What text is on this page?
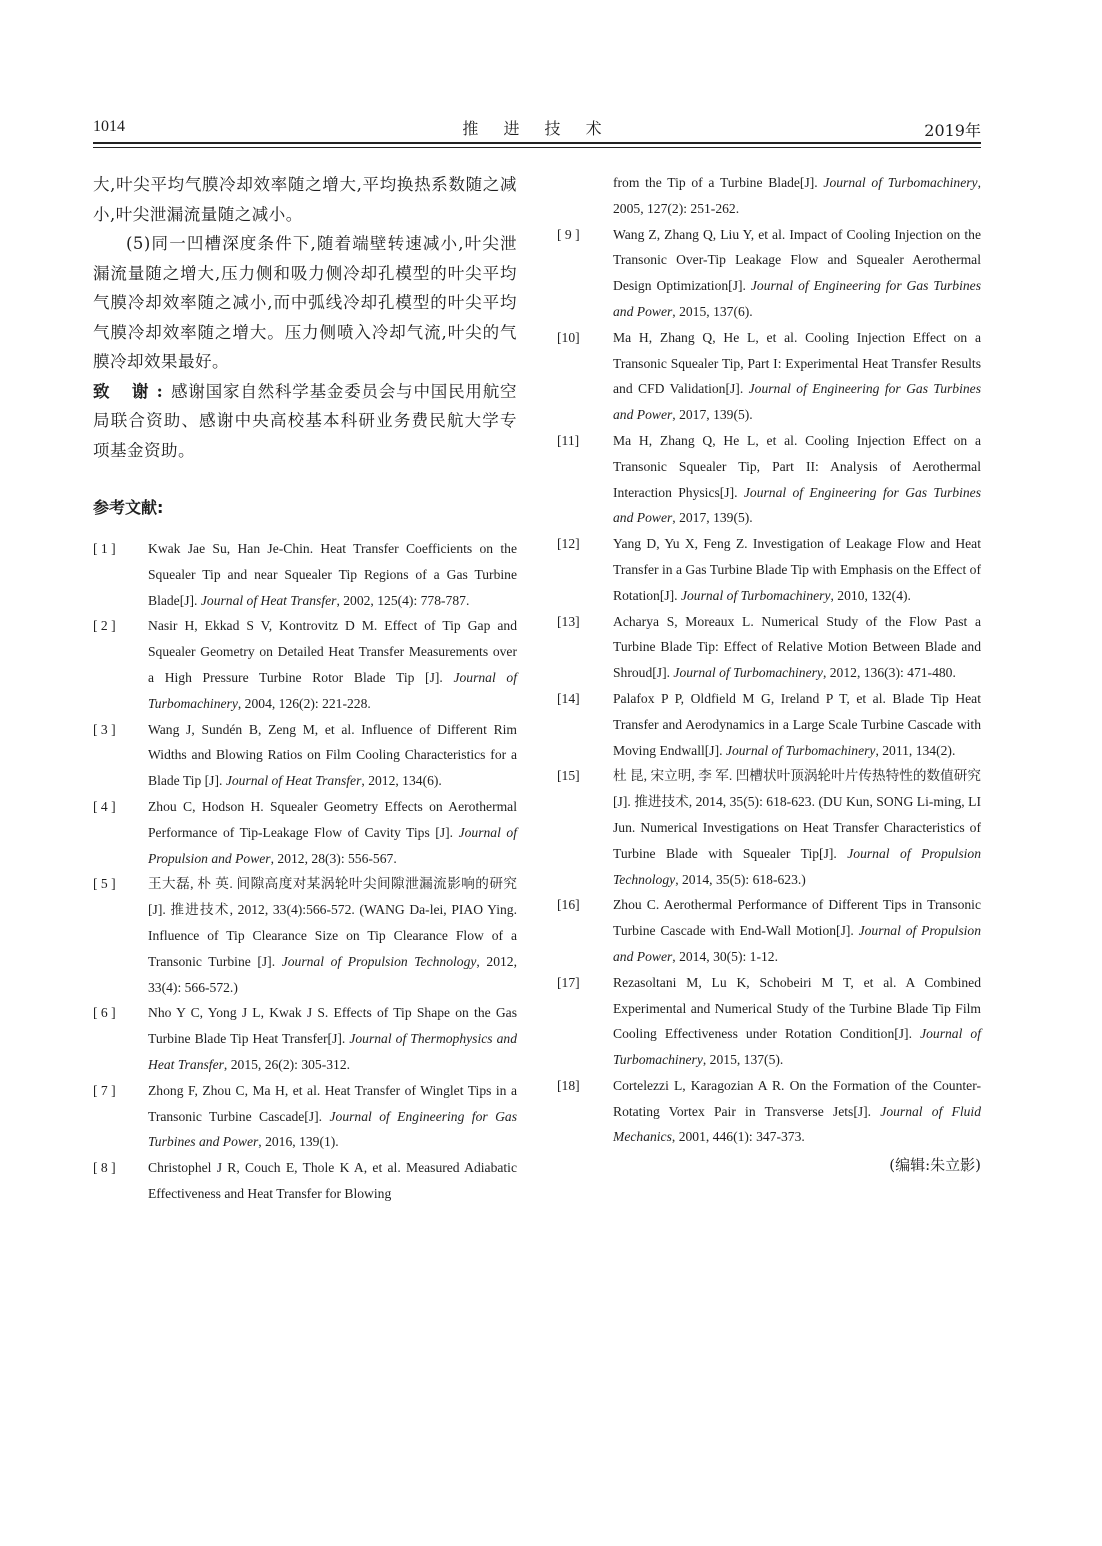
1014	推 进 技 术	2019年

大,叶尖平均气膜冷却效率随之增大,平均换热系数随之减小,叶尖泄漏流量随之减小。

(5)同一凹槽深度条件下,随着端壁转速减小,叶尖泄漏流量随之增大,压力侧和吸力侧冷却孔模型的叶尖平均气膜冷却效率随之减小,而中弧线冷却孔模型的叶尖平均气膜冷却效率随之增大。压力侧喷入冷却气流,叶尖的气膜冷却效果最好。

致 谢:感谢国家自然科学基金委员会与中国民用航空局联合资助、感谢中央高校基本科研业务费民航大学专项基金资助。

参考文献:

[ 1 ]	Kwak Jae Su, Han Je-Chin. Heat Transfer Coefficients on the Squealer Tip and near Squealer Tip Regions of a Gas Turbine Blade[J]. Journal of Heat Transfer, 2002, 125(4): 778-787.

[ 2 ]	Nasir H, Ekkad S V, Kontrovitz D M. Effect of Tip Gap and Squealer Geometry on Detailed Heat Transfer Measurements over a High Pressure Turbine Rotor Blade Tip [J]. Journal of Turbomachinery, 2004, 126(2): 221-228.

[ 3 ]	Wang J, Sundén B, Zeng M, et al. Influence of Different Rim Widths and Blowing Ratios on Film Cooling Characteristics for a Blade Tip [J]. Journal of Heat Transfer, 2012, 134(6).

[ 4 ]	Zhou C, Hodson H. Squealer Geometry Effects on Aerothermal Performance of Tip-Leakage Flow of Cavity Tips [J]. Journal of Propulsion and Power, 2012, 28(3): 556-567.

[ 5 ]	王大磊, 朴 英. 间隙高度对某涡轮叶尖间隙泄漏流影响的研究[J]. 推进技术, 2012, 33(4):566-572. (WANG Da-lei, PIAO Ying. Influence of Tip Clearance Size on Tip Clearance Flow of a Transonic Turbine [J]. Journal of Propulsion Technology, 2012, 33(4): 566-572.)

[ 6 ]	Nho Y C, Yong J L, Kwak J S. Effects of Tip Shape on the Gas Turbine Blade Tip Heat Transfer[J]. Journal of Thermophysics and Heat Transfer, 2015, 26(2): 305-312.

[ 7 ]	Zhong F, Zhou C, Ma H, et al. Heat Transfer of Winglet Tips in a Transonic Turbine Cascade[J]. Journal of Engineering for Gas Turbines and Power, 2016, 139(1).

[ 8 ]	Christophel J R, Couch E, Thole K A, et al. Measured Adiabatic Effectiveness and Heat Transfer for Blowing

from the Tip of a Turbine Blade[J]. Journal of Turbomachinery, 2005, 127(2): 251-262.

[ 9 ]	Wang Z, Zhang Q, Liu Y, et al. Impact of Cooling Injection on the Transonic Over-Tip Leakage Flow and Squealer Aerothermal Design Optimization[J]. Journal of Engineering for Gas Turbines and Power, 2015, 137(6).

[10]	Ma H, Zhang Q, He L, et al. Cooling Injection Effect on a Transonic Squealer Tip, Part I: Experimental Heat Transfer Results and CFD Validation[J]. Journal of Engineering for Gas Turbines and Power, 2017, 139(5).

[11]	Ma H, Zhang Q, He L, et al. Cooling Injection Effect on a Transonic Squealer Tip, Part II: Analysis of Aerothermal Interaction Physics[J]. Journal of Engineering for Gas Turbines and Power, 2017, 139(5).

[12]	Yang D, Yu X, Feng Z. Investigation of Leakage Flow and Heat Transfer in a Gas Turbine Blade Tip with Emphasis on the Effect of Rotation[J]. Journal of Turbomachinery, 2010, 132(4).

[13]	Acharya S, Moreaux L. Numerical Study of the Flow Past a Turbine Blade Tip: Effect of Relative Motion Between Blade and Shroud[J]. Journal of Turbomachinery, 2012, 136(3): 471-480.

[14]	Palafox P P, Oldfield M G, Ireland P T, et al. Blade Tip Heat Transfer and Aerodynamics in a Large Scale Turbine Cascade with Moving Endwall[J]. Journal of Turbomachinery, 2011, 134(2).

[15]	杜 昆, 宋立明, 李 军. 凹槽状叶顶涡轮叶片传热特性的数值研究[J]. 推进技术, 2014, 35(5): 618-623. (DU Kun, SONG Li-ming, LI Jun. Numerical Investigations on Heat Transfer Characteristics of Turbine Blade with Squealer Tip[J]. Journal of Propulsion Technology, 2014, 35(5): 618-623.)

[16]	Zhou C. Aerothermal Performance of Different Tips in Transonic Turbine Cascade with End-Wall Motion[J]. Journal of Propulsion and Power, 2014, 30(5): 1-12.

[17]	Rezasoltani M, Lu K, Schobeiri M T, et al. A Combined Experimental and Numerical Study of the Turbine Blade Tip Film Cooling Effectiveness under Rotation Condition[J]. Journal of Turbomachinery, 2015, 137(5).

[18]	Cortelezzi L, Karagozian A R. On the Formation of the Counter-Rotating Vortex Pair in Transverse Jets[J]. Journal of Fluid Mechanics, 2001, 446(1): 347-373.

(编辑:朱立影)
